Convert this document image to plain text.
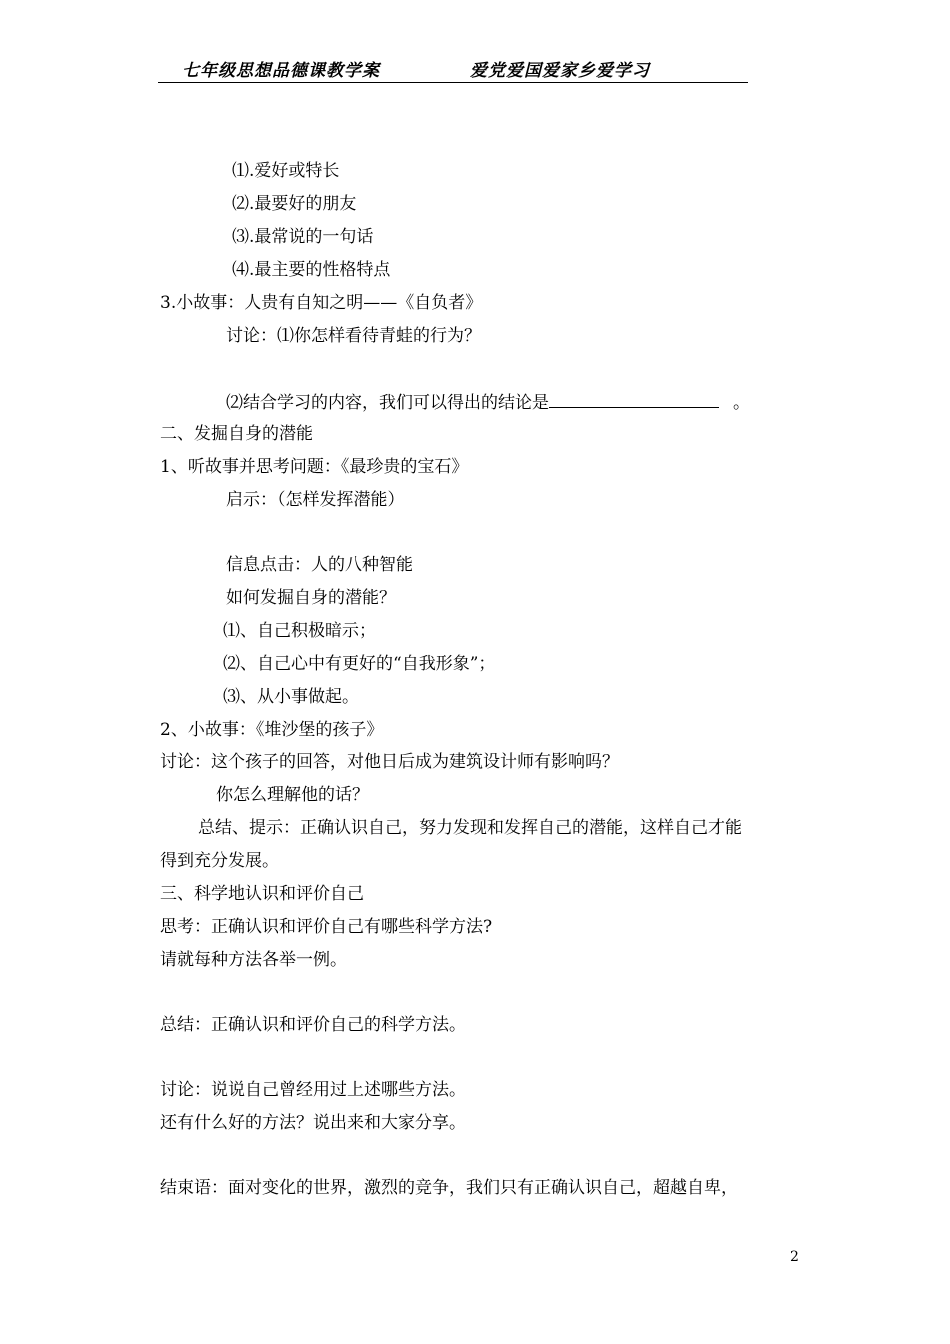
七年级思想品德课教学案	爱党爱国爱家乡爱学习
⑴.爱好或特长
⑵.最要好的朋友
⑶.最常说的一句话
⑷.最主要的性格特点
3.小故事：人贵有自知之明——《自负者》
讨论：⑴你怎样看待青蛙的行为？
⑵结合学习的内容，我们可以得出的结论是	。
二、发掘自身的潜能
1、听故事并思考问题：《最珍贵的宝石》
启示：（怎样发挥潜能）
信息点击：人的八种智能
如何发掘自身的潜能？
⑴、自己积极暗示；
⑵、自己心中有更好的“自我形象”；
⑶、从小事做起。
2、小故事：《堆沙堡的孩子》
讨论：这个孩子的回答，对他日后成为建筑设计师有影响吗？
你怎么理解他的话？
总结、提示：正确认识自己，努力发现和发挥自己的潜能，这样自己才能
得到充分发展。
三、科学地认识和评价自己
思考：正确认识和评价自己有哪些科学方法?
请就每种方法各举一例。
总结：正确认识和评价自己的科学方法。
讨论：说说自己曾经用过上述哪些方法。
还有什么好的方法？说出来和大家分享。
结束语：面对变化的世界，激烈的竞争，我们只有正确认识自己，超越自卑，
2
